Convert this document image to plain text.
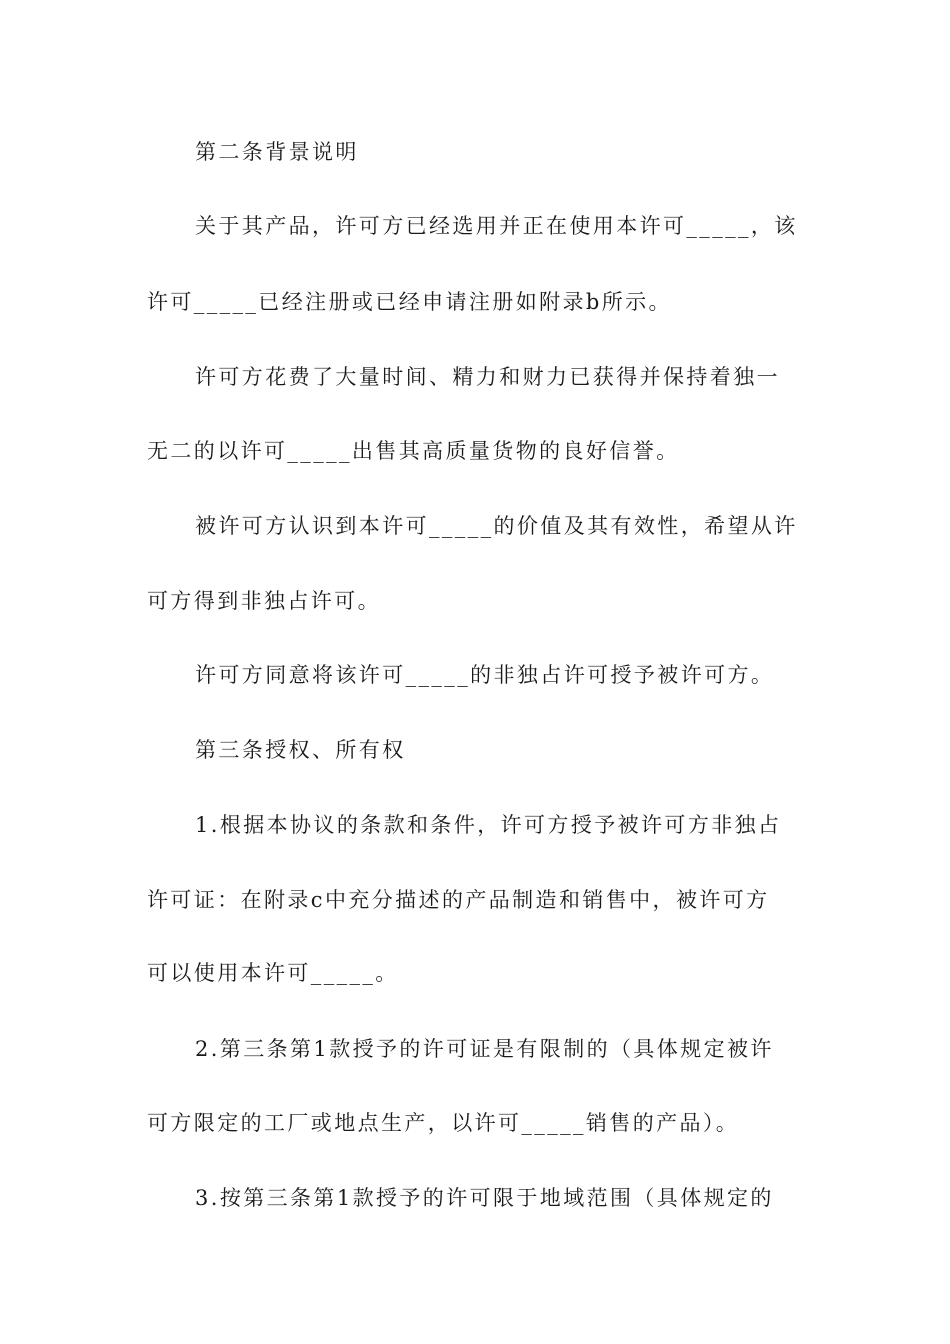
第二条背景说明

关于其产品，许可方已经选用并正在使用本许可_____，该

许可_____已经注册或已经申请注册如附录b所示。

许可方花费了大量时间、精力和财力已获得并保持着独一

无二的以许可_____出售其高质量货物的良好信誉。

被许可方认识到本许可_____的价值及其有效性，希望从许

可方得到非独占许可。

许可方同意将该许可_____的非独占许可授予被许可方。

第三条授权、所有权

1.根据本协议的条款和条件，许可方授予被许可方非独占

许可证：在附录c中充分描述的产品制造和销售中，被许可方

可以使用本许可_____。

2.第三条第1款授予的许可证是有限制的（具体规定被许

可方限定的工厂或地点生产，以许可_____销售的产品）。

3.按第三条第1款授予的许可限于地域范围（具体规定的
